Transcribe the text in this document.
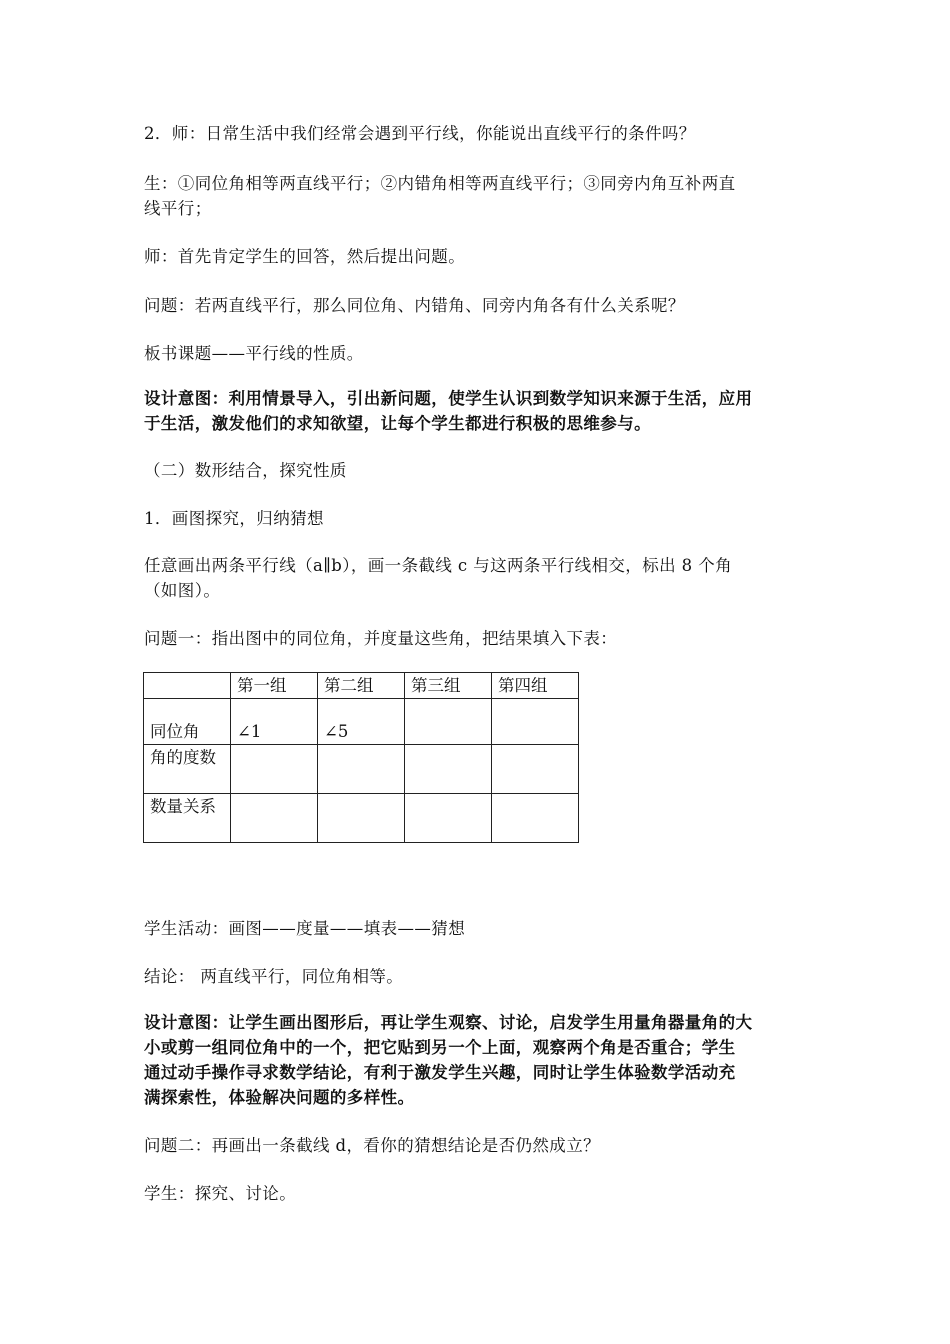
2．师：日常生活中我们经常会遇到平行线，你能说出直线平行的条件吗？
生：①同位角相等两直线平行；②内错角相等两直线平行；③同旁内角互补两直
线平行；
师：首先肯定学生的回答，然后提出问题。
问题：若两直线平行，那么同位角、内错角、同旁内角各有什么关系呢？
板书课题——平行线的性质。
设计意图：利用情景导入，引出新问题，使学生认识到数学知识来源于生活，应用
于生活，激发他们的求知欲望，让每个学生都进行积极的思维参与。
（二）数形结合，探究性质
1．画图探究，归纳猜想
任意画出两条平行线（a∥b），画一条截线 c 与这两条平行线相交，标出 8 个角
（如图）。
问题一：指出图中的同位角，并度量这些角，把结果填入下表：
	第一组	第二组	第三组	第四组
同位角	∠1	∠5		
角的度数				
数量关系				
学生活动：画图——度量——填表——猜想
结论： 两直线平行，同位角相等。
设计意图：让学生画出图形后，再让学生观察、讨论，启发学生用量角器量角的大
小或剪一组同位角中的一个，把它贴到另一个上面，观察两个角是否重合；学生
通过动手操作寻求数学结论，有利于激发学生兴趣，同时让学生体验数学活动充
满探索性，体验解决问题的多样性。
问题二：再画出一条截线 d，看你的猜想结论是否仍然成立？
学生：探究、讨论。
